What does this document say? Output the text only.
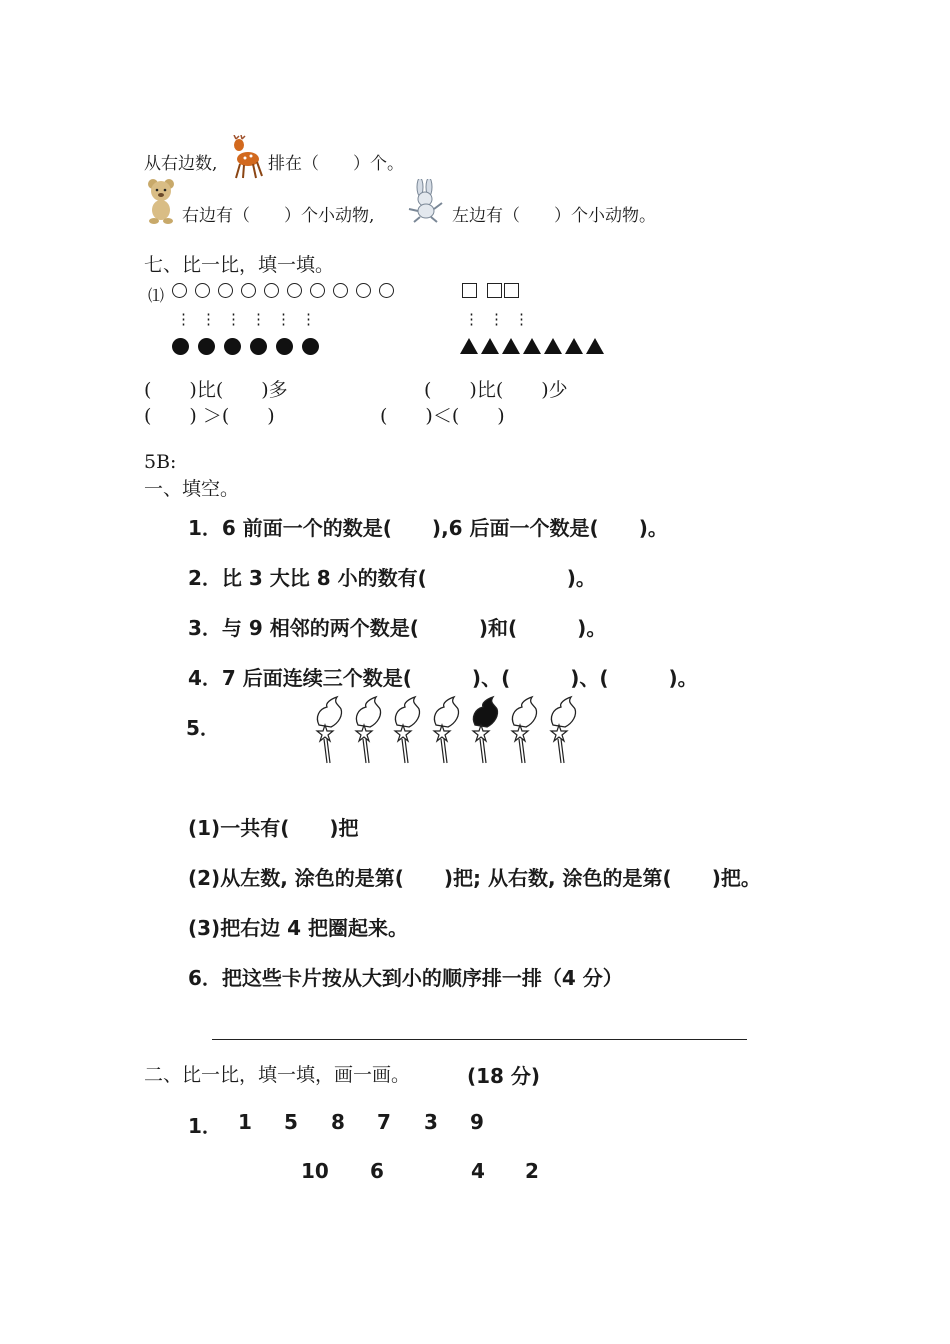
从右边数,	排在（　　）个。
右边有（　　）个小动物,	左边有（　　）个小动物。
七、比一比，填一填。
⑴
⋮⋮⋮⋮⋮⋮	⋮⋮⋮
(　　)比(　　)多	(　　)比(　　)少
(　　) ＞(　　)	(　　)＜(　　)
5B:
一、填空。
1．6 前面一个的数是(　　),6 后面一个数是(　　)。
2．比 3 大比 8 小的数有(　　　　　　　)。
3．与 9 相邻的两个数是(　　　)和(　　　)。
4．7 后面连续三个数是(　　　)、(　　　)、(　　　)。
5．
(1)一共有(　　)把
(2)从左数, 涂色的是第(　　)把; 从右数, 涂色的是第(　　)把。
(3)把右边 4 把圈起来。
6．把这些卡片按从大到小的顺序排一排（4 分）
二、比一比，填一填，画一画。	(18 分)
1． 1 5 8 7 3 9
10 6	4 2
